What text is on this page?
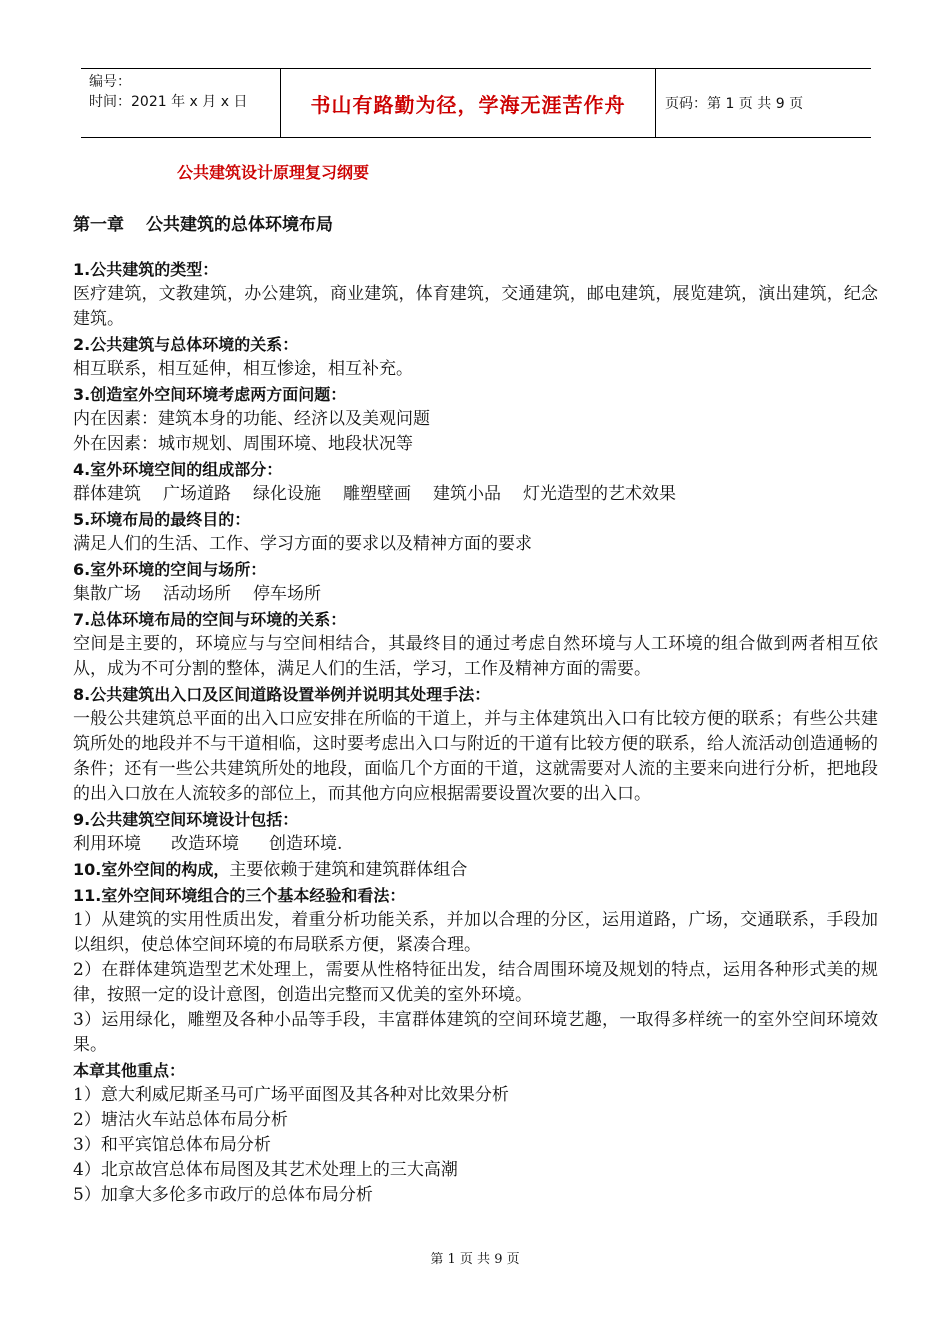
编号：
时间：2021 年 x 月 x 日	书山有路勤为径，学海无涯苦作舟	页码：第 1 页 共 9 页
公共建筑设计原理复习纲要
第一章 公共建筑的总体环境布局

1.公共建筑的类型：

医疗建筑，文教建筑，办公建筑，商业建筑，体育建筑，交通建筑，邮电建筑，展览建筑，演出建筑，纪念建筑。

2.公共建筑与总体环境的关系：

相互联系，相互延伸，相互惨途，相互补充。

3.创造室外空间环境考虑两方面问题：

内在因素：建筑本身的功能、经济以及美观问题

外在因素：城市规划、周围环境、地段状况等

4.室外环境空间的组成部分：

群体建筑 广场道路 绿化设施 雕塑壁画 建筑小品 灯光造型的艺术效果

5.环境布局的最终目的：

满足人们的生活、工作、学习方面的要求以及精神方面的要求

6.室外环境的空间与场所：

集散广场 活动场所 停车场所

7.总体环境布局的空间与环境的关系：

空间是主要的，环境应与与空间相结合，其最终目的通过考虑自然环境与人工环境的组合做到两者相互依从，成为不可分割的整体，满足人们的生活，学习，工作及精神方面的需要。

8.公共建筑出入口及区间道路设置举例并说明其处理手法：

一般公共建筑总平面的出入口应安排在所临的干道上，并与主体建筑出入口有比较方便的联系；有些公共建筑所处的地段并不与干道相临，这时要考虑出入口与附近的干道有比较方便的联系，给人流活动创造通畅的条件；还有一些公共建筑所处的地段，面临几个方面的干道，这就需要对人流的主要来向进行分析，把地段的出入口放在人流较多的部位上，而其他方向应根据需要设置次要的出入口。

9.公共建筑空间环境设计包括：

利用环境 改造环境 创造环境.

10.室外空间的构成，主要依赖于建筑和建筑群体组合

11.室外空间环境组合的三个基本经验和看法：

1）从建筑的实用性质出发，着重分析功能关系，并加以合理的分区，运用道路，广场，交通联系，手段加以组织，使总体空间环境的布局联系方便，紧凑合理。

2）在群体建筑造型艺术处理上，需要从性格特征出发，结合周围环境及规划的特点，运用各种形式美的规律，按照一定的设计意图，创造出完整而又优美的室外环境。

3）运用绿化，雕塑及各种小品等手段，丰富群体建筑的空间环境艺趣，一取得多样统一的室外空间环境效果。

本章其他重点：

1）意大利威尼斯圣马可广场平面图及其各种对比效果分析

2）塘沽火车站总体布局分析

3）和平宾馆总体布局分析

4）北京故宫总体布局图及其艺术处理上的三大高潮

5）加拿大多伦多市政厅的总体布局分析

第 1 页 共 9 页
